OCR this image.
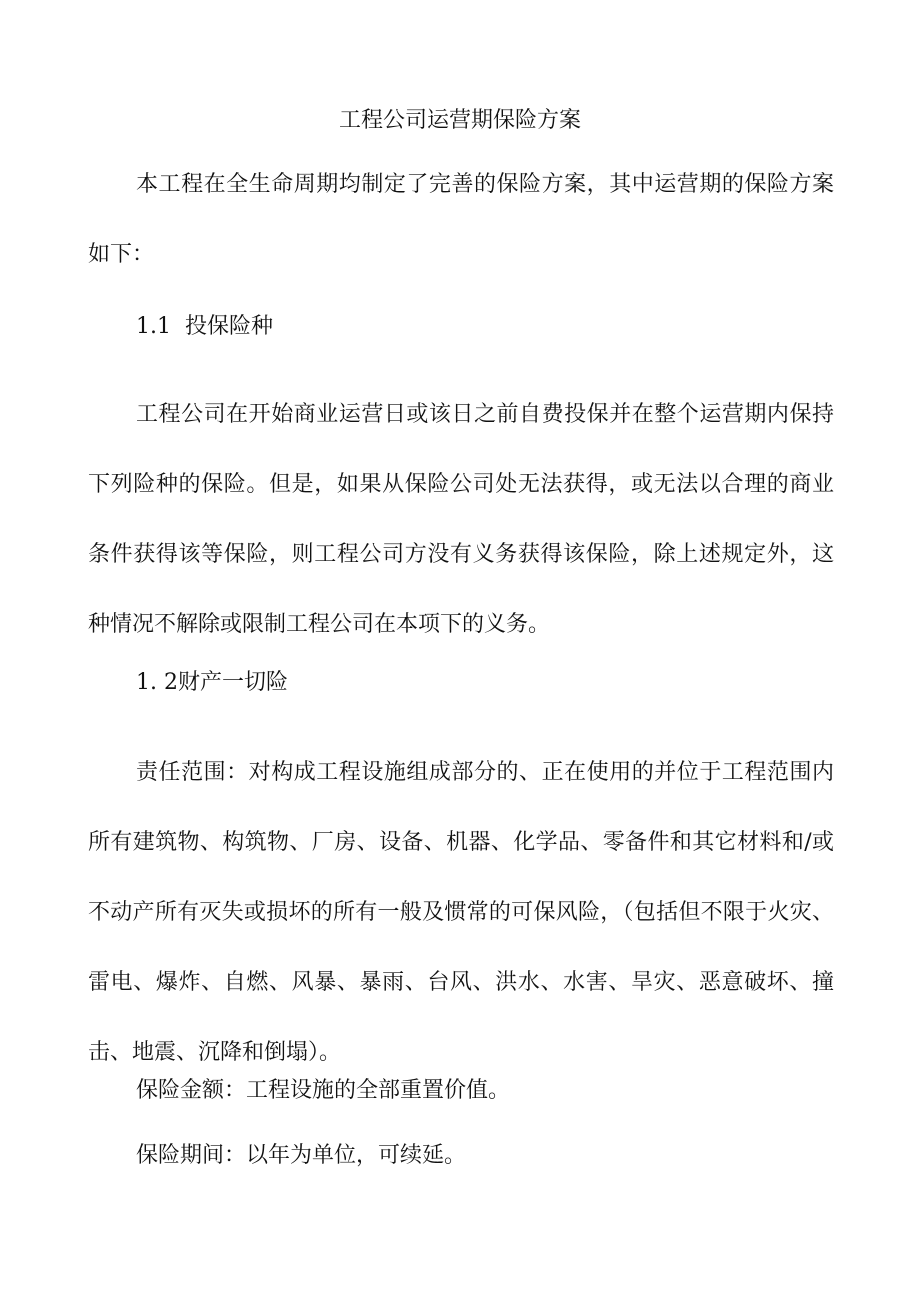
工程公司运营期保险方案

本工程在全生命周期均制定了完善的保险方案，其中运营期的保险方案如下：

1.1 投保险种

工程公司在开始商业运营日或该日之前自费投保并在整个运营期内保持下列险种的保险。但是，如果从保险公司处无法获得，或无法以合理的商业条件获得该等保险，则工程公司方没有义务获得该保险，除上述规定外，这种情况不解除或限制工程公司在本项下的义务。

1. 2财产一切险

责任范围：对构成工程设施组成部分的、正在使用的并位于工程范围内所有建筑物、构筑物、厂房、设备、机器、化学品、零备件和其它材料和/或不动产所有灭失或损坏的所有一般及惯常的可保风险，（包括但不限于火灾、雷电、爆炸、自燃、风暴、暴雨、台风、洪水、水害、旱灾、恶意破坏、撞击、地震、沉降和倒塌）。

保险金额：工程设施的全部重置价值。
保险期间：以年为单位，可续延。
